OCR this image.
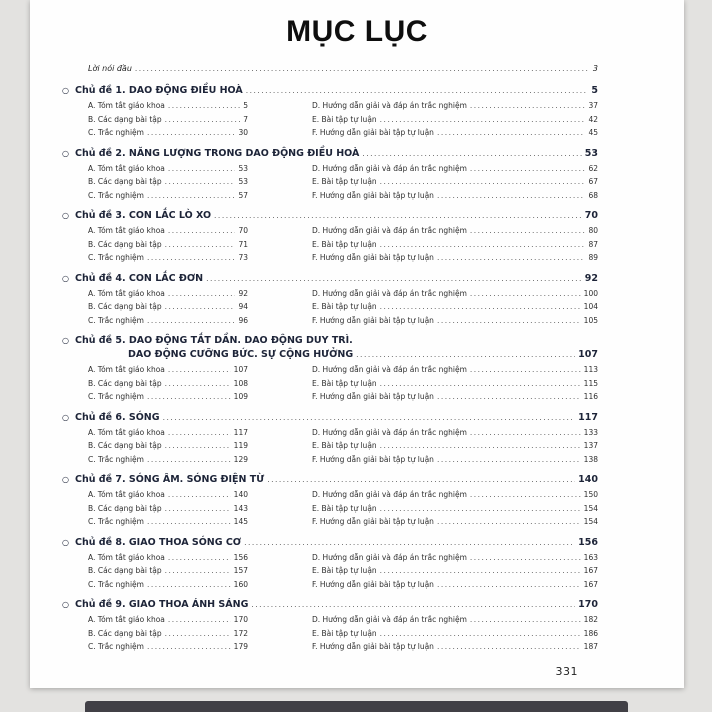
MỤC LỤC
Lời nói đầu .....	3
○ Chủ đề 1. DAO ĐỘNG ĐIỀU HOÀ .....	5
A. Tóm tắt giáo khoa .....	5
B. Các dạng bài tập .....	7
C. Trắc nghiệm .....	30
D. Hướng dẫn giải và đáp án trắc nghiệm .....	37
E. Bài tập tự luận .....	42
F. Hướng dẫn giải bài tập tự luận .....	45
○ Chủ đề 2. NĂNG LƯỢNG TRONG DAO ĐỘNG ĐIỀU HOÀ .....	53
A. Tóm tắt giáo khoa .....	53
B. Các dạng bài tập .....	53
C. Trắc nghiệm .....	57
D. Hướng dẫn giải và đáp án trắc nghiệm .....	62
E. Bài tập tự luận .....	67
F. Hướng dẫn giải bài tập tự luận .....	68
○ Chủ đề 3. CON LẮC LÒ XO .....	70
A. Tóm tắt giáo khoa .....	70
B. Các dạng bài tập .....	71
C. Trắc nghiệm .....	73
D. Hướng dẫn giải và đáp án trắc nghiệm .....	80
E. Bài tập tự luận .....	87
F. Hướng dẫn giải bài tập tự luận .....	89
○ Chủ đề 4. CON LẮC ĐƠN .....	92
A. Tóm tắt giáo khoa .....	92
B. Các dạng bài tập .....	94
C. Trắc nghiệm .....	96
D. Hướng dẫn giải và đáp án trắc nghiệm .....	100
E. Bài tập tự luận .....	104
F. Hướng dẫn giải bài tập tự luận .....	105
○ Chủ đề 5. DAO ĐỘNG TẮT DẦN. DAO ĐỘNG DUY TRÌ.
DAO ĐỘNG CƯỠNG BỨC. SỰ CỘNG HƯỞNG .....	107
A. Tóm tắt giáo khoa .....	107
B. Các dạng bài tập .....	108
C. Trắc nghiệm .....	109
D. Hướng dẫn giải và đáp án trắc nghiệm .....	113
E. Bài tập tự luận .....	115
F. Hướng dẫn giải bài tập tự luận .....	116
○ Chủ đề 6. SÓNG .....	117
A. Tóm tắt giáo khoa .....	117
B. Các dạng bài tập .....	119
C. Trắc nghiệm .....	129
D. Hướng dẫn giải và đáp án trắc nghiệm .....	133
E. Bài tập tự luận .....	137
F. Hướng dẫn giải bài tập tự luận .....	138
○ Chủ đề 7. SÓNG ÂM. SÓNG ĐIỆN TỪ .....	140
A. Tóm tắt giáo khoa .....	140
B. Các dạng bài tập .....	143
C. Trắc nghiệm .....	145
D. Hướng dẫn giải và đáp án trắc nghiệm .....	150
E. Bài tập tự luận .....	154
F. Hướng dẫn giải bài tập tự luận .....	154
○ Chủ đề 8. GIAO THOA SÓNG CƠ .....	156
A. Tóm tắt giáo khoa .....	156
B. Các dạng bài tập .....	157
C. Trắc nghiệm .....	160
D. Hướng dẫn giải và đáp án trắc nghiệm .....	163
E. Bài tập tự luận .....	167
F. Hướng dẫn giải bài tập tự luận .....	167
○ Chủ đề 9. GIAO THOA ÁNH SÁNG .....	170
A. Tóm tắt giáo khoa .....	170
B. Các dạng bài tập .....	172
C. Trắc nghiệm .....	179
D. Hướng dẫn giải và đáp án trắc nghiệm .....	182
E. Bài tập tự luận .....	186
F. Hướng dẫn giải bài tập tự luận .....	187
331
